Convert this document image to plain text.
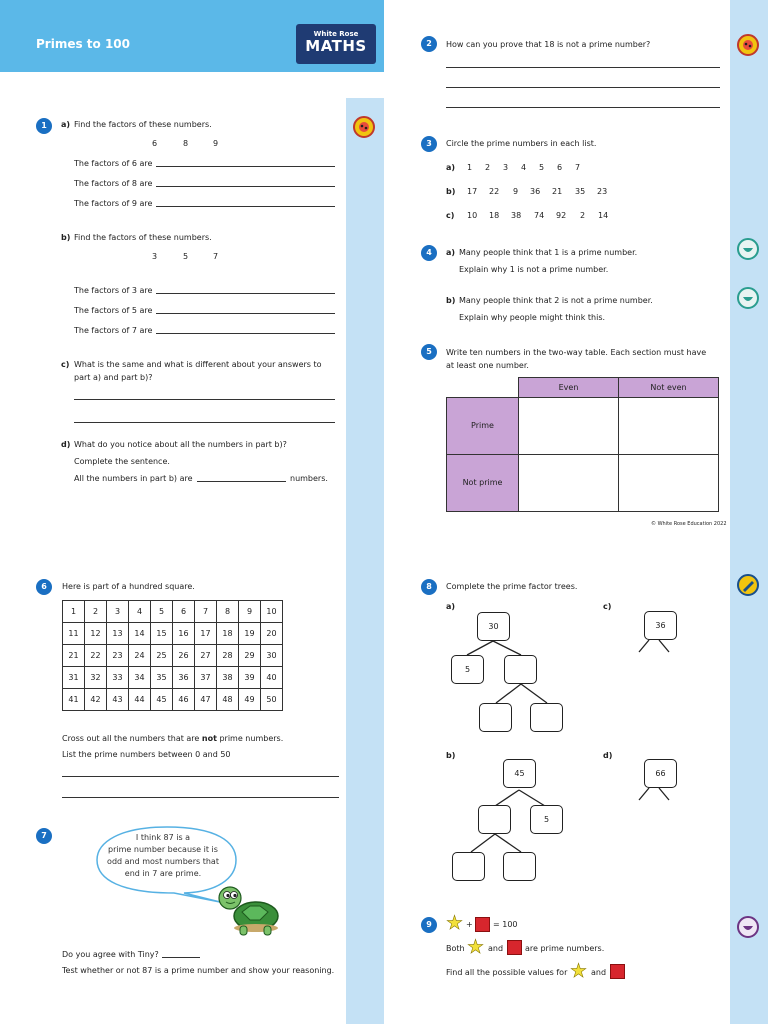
Primes to 100
White Rose
MATHS
1	a) Find the factors of these numbers.
6	8	9
The factors of 6 are
The factors of 8 are
The factors of 9 are
b) Find the factors of these numbers.
3	5	7
The factors of 3 are
The factors of 5 are
The factors of 7 are
c) What is the same and what is different about your answers to
part a) and part b)?
d) What do you notice about all the numbers in part b)?
Complete the sentence.
All the numbers in part b) are	numbers.
2	How can you prove that 18 is not a prime number?
3	Circle the prime numbers in each list.
a) 1 2 3 4 5 6 7
b) 17 22 9 36 21 35 23
c) 10 18 38 74 92 2 14
4	a) Many people think that 1 is a prime number.
Explain why 1 is not a prime number.
b) Many people think that 2 is not a prime number.
Explain why people might think this.
5	Write ten numbers in the two-way table. Each section must have
at least one number.
Even	Not even
Prime
Not prime
© White Rose Education 2022
6	Here is part of a hundred square.
1	2	3	4	5	6	7	8	9	10
11	12	13	14	15	16	17	18	19	20
21	22	23	24	25	26	27	28	29	30
31	32	33	34	35	36	37	38	39	40
41	42	43	44	45	46	47	48	49	50
Cross out all the numbers that are not prime numbers.
List the prime numbers between 0 and 50
7	I think 87 is a
prime number because it is
odd and most numbers that
end in 7 are prime.
Do you agree with Tiny?
Test whether or not 87 is a prime number and show your reasoning.
8	Complete the prime factor trees.
a)
30
5
b)
45
5
c)
36
d)
66
9 ★ +	= 100
Both ★ and	are prime numbers.
Find all the possible values for ★ and
